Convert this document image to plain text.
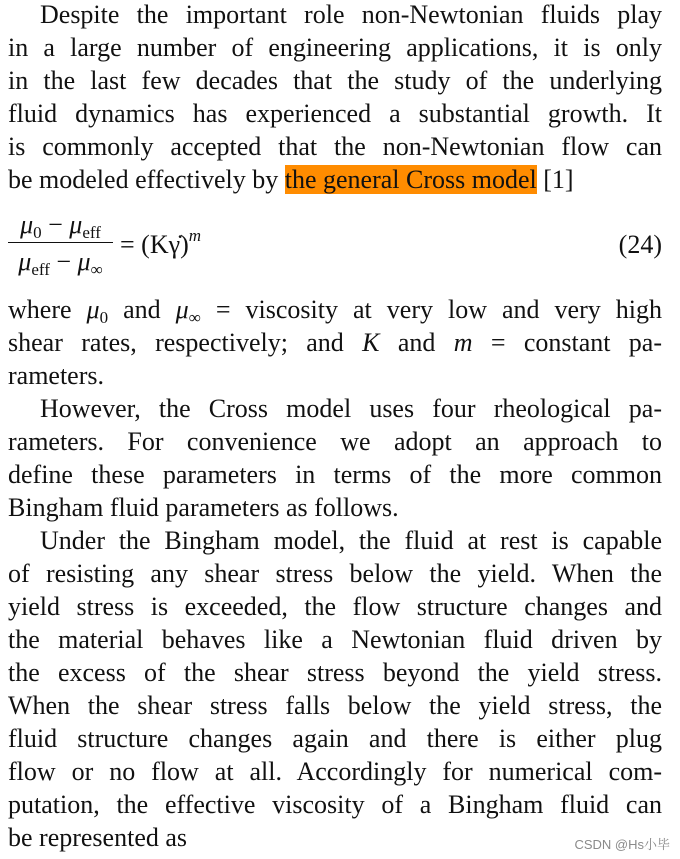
Despite the important role non-Newtonian fluids play
in a large number of engineering applications, it is only
in the last few decades that the study of the underlying
fluid dynamics has experienced a substantial growth. It
is commonly accepted that the non-Newtonian flow can
be modeled effectively by the general Cross model [1]
$\mu_0 - \mu_{eff}$
$\mu_{eff} - \mu_\infty$
= (Kγ̇)$^m$	(24)
where $\mu_0$ and $\mu_\infty$ = viscosity at very low and very high
shear rates, respectively; and K and m = constant pa-
rameters.
However, the Cross model uses four rheological pa-
rameters. For convenience we adopt an approach to
define these parameters in terms of the more common
Bingham fluid parameters as follows.
Under the Bingham model, the fluid at rest is capable
of resisting any shear stress below the yield. When the
yield stress is exceeded, the flow structure changes and
the material behaves like a Newtonian fluid driven by
the excess of the shear stress beyond the yield stress.
When the shear stress falls below the yield stress, the
fluid structure changes again and there is either plug
flow or no flow at all. Accordingly for numerical com-
putation, the effective viscosity of a Bingham fluid can
be represented as	CSDN @Hs小毕
